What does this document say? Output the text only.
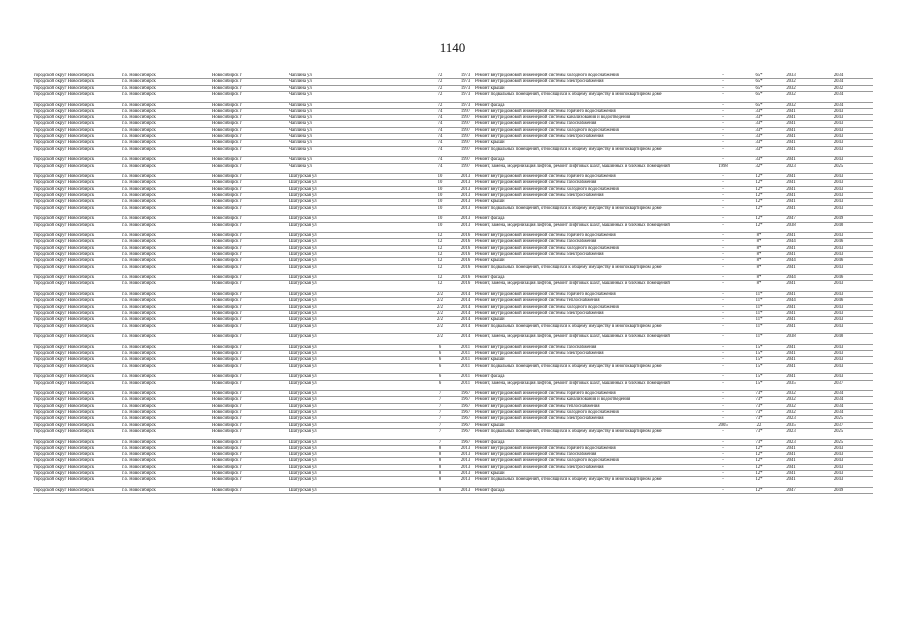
1140
городской округ Новосибирск	г.о. Новосибирск	Новосибирск г	Чаплина ул	72	1973	Ремонт внутридомовой инженерной системы холодного водоснабжения	-	65*	2033	2034
городской округ Новосибирск	г.о. Новосибирск	Новосибирск г	Чаплина ул	72	1973	Ремонт внутридомовой инженерной системы электроснабжения	-	65*	2032	2034
городской округ Новосибирск	г.о. Новосибирск	Новосибирск г	Чаплина ул	72	1973	Ремонт крыши	-	65*	2032	2032
городской округ Новосибирск	г.о. Новосибирск	Новосибирск г	Чаплина ул	72	1973	Ремонт подвальных помещений, относящихся к общему имуществу в многоквартирном доме	-	65*	2032	2034
городской округ Новосибирск	г.о. Новосибирск	Новосибирск г	Чаплина ул	72	1973	Ремонт фасада	-	65*	2032	2034
городской округ Новосибирск	г.о. Новосибирск	Новосибирск г	Чаплина ул	74	1997	Ремонт внутридомовой инженерной системы горячего водоснабжения	-	33*	2041	2043
городской округ Новосибирск	г.о. Новосибирск	Новосибирск г	Чаплина ул	74	1997	Ремонт внутридомовой инженерной системы канализования и водоотведения	-	33*	2041	2043
городской округ Новосибирск	г.о. Новосибирск	Новосибирск г	Чаплина ул	74	1997	Ремонт внутридомовой инженерной системы газоснабжения	-	33*	2041	2043
городской округ Новосибирск	г.о. Новосибирск	Новосибирск г	Чаплина ул	74	1997	Ремонт внутридомовой инженерной системы холодного водоснабжения	-	33*	2041	2043
городской округ Новосибирск	г.о. Новосибирск	Новосибирск г	Чаплина ул	74	1997	Ремонт внутридомовой инженерной системы электроснабжения	-	33*	2041	2043
городской округ Новосибирск	г.о. Новосибирск	Новосибирск г	Чаплина ул	74	1997	Ремонт крыши	-	33*	2041	2043
городской округ Новосибирск	г.о. Новосибирск	Новосибирск г	Чаплина ул	74	1997	Ремонт подвальных помещений, относящихся к общему имуществу в многоквартирном доме	-	33*	2041	2043
городской округ Новосибирск	г.о. Новосибирск	Новосибирск г	Чаплина ул	74	1997	Ремонт фасада	-	33*	2041	2043
городской округ Новосибирск	г.о. Новосибирск	Новосибирск г	Чаплина ул	74	1997	Ремонт, замена, модернизация лифтов, ремонт лифтовых шахт, машинных и блочных помещений	1998	32*	2023	2025
городской округ Новосибирск	г.о. Новосибирск	Новосибирск г	Шатурская ул	10	2013	Ремонт внутридомовой инженерной системы горячего водоснабжения	-	12*	2041	2043
городской округ Новосибирск	г.о. Новосибирск	Новосибирск г	Шатурская ул	10	2013	Ремонт внутридомовой инженерной системы газоснабжения	-	12*	2041	2043
городской округ Новосибирск	г.о. Новосибирск	Новосибирск г	Шатурская ул	10	2013	Ремонт внутридомовой инженерной системы холодного водоснабжения	-	12*	2041	2043
городской округ Новосибирск	г.о. Новосибирск	Новосибирск г	Шатурская ул	10	2013	Ремонт внутридомовой инженерной системы электроснабжения	-	12*	2041	2043
городской округ Новосибирск	г.о. Новосибирск	Новосибирск г	Шатурская ул	10	2013	Ремонт крыши	-	12*	2041	2043
городской округ Новосибирск	г.о. Новосибирск	Новосибирск г	Шатурская ул	10	2013	Ремонт подвальных помещений, относящихся к общему имуществу в многоквартирном доме	-	12*	2041	2043
городской округ Новосибирск	г.о. Новосибирск	Новосибирск г	Шатурская ул	10	2013	Ремонт фасада	-	12*	2047	2049
городской округ Новосибирск	г.о. Новосибирск	Новосибирск г	Шатурская ул	10	2013	Ремонт, замена, модернизация лифтов, ремонт лифтовых шахт, машинных и блочных помещений	-	12*	2038	2040
городской округ Новосибирск	г.о. Новосибирск	Новосибирск г	Шатурская ул	12	2016	Ремонт внутридомовой инженерной системы горячего водоснабжения	-	8*	2041	2043
городской округ Новосибирск	г.о. Новосибирск	Новосибирск г	Шатурская ул	12	2016	Ремонт внутридомовой инженерной системы газоснабжения	-	8*	2044	2046
городской округ Новосибирск	г.о. Новосибирск	Новосибирск г	Шатурская ул	12	2016	Ремонт внутридомовой инженерной системы холодного водоснабжения	-	8*	2041	2043
городской округ Новосибирск	г.о. Новосибирск	Новосибирск г	Шатурская ул	12	2016	Ремонт внутридомовой инженерной системы электроснабжения	-	8*	2041	2043
городской округ Новосибирск	г.о. Новосибирск	Новосибирск г	Шатурская ул	12	2016	Ремонт крыши	-	8*	2044	2046
городской округ Новосибирск	г.о. Новосибирск	Новосибирск г	Шатурская ул	12	2016	Ремонт подвальных помещений, относящихся к общему имуществу в многоквартирном доме	-	8*	2041	2043
городской округ Новосибирск	г.о. Новосибирск	Новосибирск г	Шатурская ул	12	2016	Ремонт фасада	-	8*	2044	2046
городской округ Новосибирск	г.о. Новосибирск	Новосибирск г	Шатурская ул	12	2016	Ремонт, замена, модернизация лифтов, ремонт лифтовых шахт, машинных и блочных помещений	-	8*	2041	2043
городской округ Новосибирск	г.о. Новосибирск	Новосибирск г	Шатурская ул	2/2	2014	Ремонт внутридомовой инженерной системы горячего водоснабжения	-	11*	2041	2043
городской округ Новосибирск	г.о. Новосибирск	Новосибирск г	Шатурская ул	2/2	2014	Ремонт внутридомовой инженерной системы теплоснабжения	-	11*	2044	2046
городской округ Новосибирск	г.о. Новосибирск	Новосибирск г	Шатурская ул	2/2	2014	Ремонт внутридомовой инженерной системы холодного водоснабжения	-	11*	2041	2043
городской округ Новосибирск	г.о. Новосибирск	Новосибирск г	Шатурская ул	2/2	2014	Ремонт внутридомовой инженерной системы электроснабжения	-	11*	2041	2043
городской округ Новосибирск	г.о. Новосибирск	Новосибирск г	Шатурская ул	2/2	2014	Ремонт крыши	-	11*	2041	2043
городской округ Новосибирск	г.о. Новосибирск	Новосибирск г	Шатурская ул	2/2	2014	Ремонт подвальных помещений, относящихся к общему имуществу в многоквартирном доме	-	11*	2041	2043
городской округ Новосибирск	г.о. Новосибирск	Новосибирск г	Шатурская ул	2/2	2014	Ремонт, замена, модернизация лифтов, ремонт лифтовых шахт, машинных и блочных помещений	-	11*	2038	2040
городской округ Новосибирск	г.о. Новосибирск	Новосибирск г	Шатурская ул	6	2011	Ремонт внутридомовой инженерной системы газоснабжения	-	15*	2041	2043
городской округ Новосибирск	г.о. Новосибирск	Новосибирск г	Шатурская ул	6	2011	Ремонт внутридомовой инженерной системы электроснабжения	-	15*	2041	2043
городской округ Новосибирск	г.о. Новосибирск	Новосибирск г	Шатурская ул	6	2011	Ремонт крыши	-	15*	2041	2043
городской округ Новосибирск	г.о. Новосибирск	Новосибирск г	Шатурская ул	6	2011	Ремонт подвальных помещений, относящихся к общему имуществу в многоквартирном доме	-	15*	2041	2043
городской округ Новосибирск	г.о. Новосибирск	Новосибирск г	Шатурская ул	6	2011	Ремонт фасада	-	15*	2041	2043
городской округ Новосибирск	г.о. Новосибирск	Новосибирск г	Шатурская ул	6	2011	Ремонт, замена, модернизация лифтов, ремонт лифтовых шахт, машинных и блочных помещений	-	15*	2035	2037
городской округ Новосибирск	г.о. Новосибирск	Новосибирск г	Шатурская ул	7	1967	Ремонт внутридомовой инженерной системы горячего водоснабжения	-	73*	2032	2034
городской округ Новосибирск	г.о. Новосибирск	Новосибирск г	Шатурская ул	7	1967	Ремонт внутридомовой инженерной системы канализования и водоотведения	-	73*	2032	2034
городской округ Новосибирск	г.о. Новосибирск	Новосибирск г	Шатурская ул	7	1967	Ремонт внутридомовой инженерной системы теплоснабжения	-	73*	2032	2034
городской округ Новосибирск	г.о. Новосибирск	Новосибирск г	Шатурская ул	7	1967	Ремонт внутридомовой инженерной системы холодного водоснабжения	-	73*	2032	2034
городской округ Новосибирск	г.о. Новосибирск	Новосибирск г	Шатурская ул	7	1967	Ремонт внутридомовой инженерной системы электроснабжения	-	73*	2023	2025
городской округ Новосибирск	г.о. Новосибирск	Новосибирск г	Шатурская ул	7	1967	Ремонт крыши	2005	22	2035	2037
городской округ Новосибирск	г.о. Новосибирск	Новосибирск г	Шатурская ул	7	1967	Ремонт подвальных помещений, относящихся к общему имуществу в многоквартирном доме	-	73*	2023	2025
городской округ Новосибирск	г.о. Новосибирск	Новосибирск г	Шатурская ул	7	1967	Ремонт фасада	-	73*	2023	2025
городской округ Новосибирск	г.о. Новосибирск	Новосибирск г	Шатурская ул	8	2013	Ремонт внутридомовой инженерной системы горячего водоснабжения	-	12*	2041	2043
городской округ Новосибирск	г.о. Новосибирск	Новосибирск г	Шатурская ул	8	2013	Ремонт внутридомовой инженерной системы газоснабжения	-	12*	2041	2043
городской округ Новосибирск	г.о. Новосибирск	Новосибирск г	Шатурская ул	8	2013	Ремонт внутридомовой инженерной системы холодного водоснабжения	-	12*	2041	2043
городской округ Новосибирск	г.о. Новосибирск	Новосибирск г	Шатурская ул	8	2013	Ремонт внутридомовой инженерной системы электроснабжения	-	12*	2041	2043
городской округ Новосибирск	г.о. Новосибирск	Новосибирск г	Шатурская ул	8	2013	Ремонт крыши	-	12*	2041	2043
городской округ Новосибирск	г.о. Новосибирск	Новосибирск г	Шатурская ул	8	2013	Ремонт подвальных помещений, относящихся к общему имуществу в многоквартирном доме	-	12*	2041	2043
городской округ Новосибирск	г.о. Новосибирск	Новосибирск г	Шатурская ул	8	2013	Ремонт фасада	-	12*	2047	2049
